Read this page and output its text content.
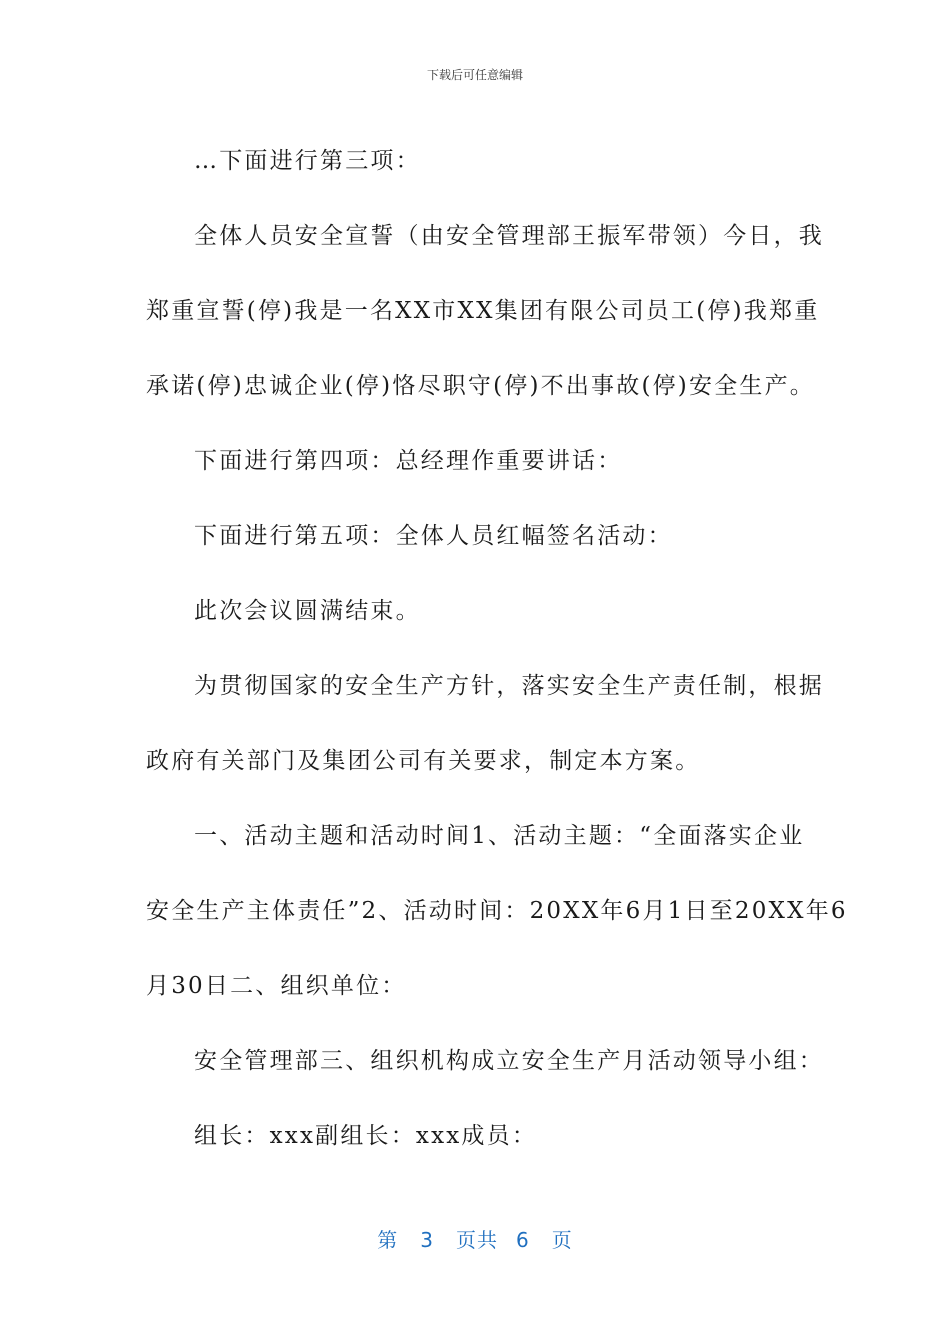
下载后可任意编辑

…下面进行第三项：

全体人员安全宣誓（由安全管理部王振军带领）今日，我

郑重宣誓(停)我是一名XX市XX集团有限公司员工(停)我郑重

承诺(停)忠诚企业(停)恪尽职守(停)不出事故(停)安全生产。

下面进行第四项：总经理作重要讲话：

下面进行第五项：全体人员红幅签名活动：

此次会议圆满结束。

为贯彻国家的安全生产方针，落实安全生产责任制，根据

政府有关部门及集团公司有关要求，制定本方案。

一、活动主题和活动时间1、活动主题：“全面落实企业

安全生产主体责任”2、活动时间：20XX年6月1日至20XX年6

月30日二、组织单位：

安全管理部三、组织机构成立安全生产月活动领导小组：

组长：xxx副组长：xxx成员：

第 3 页共 6 页
